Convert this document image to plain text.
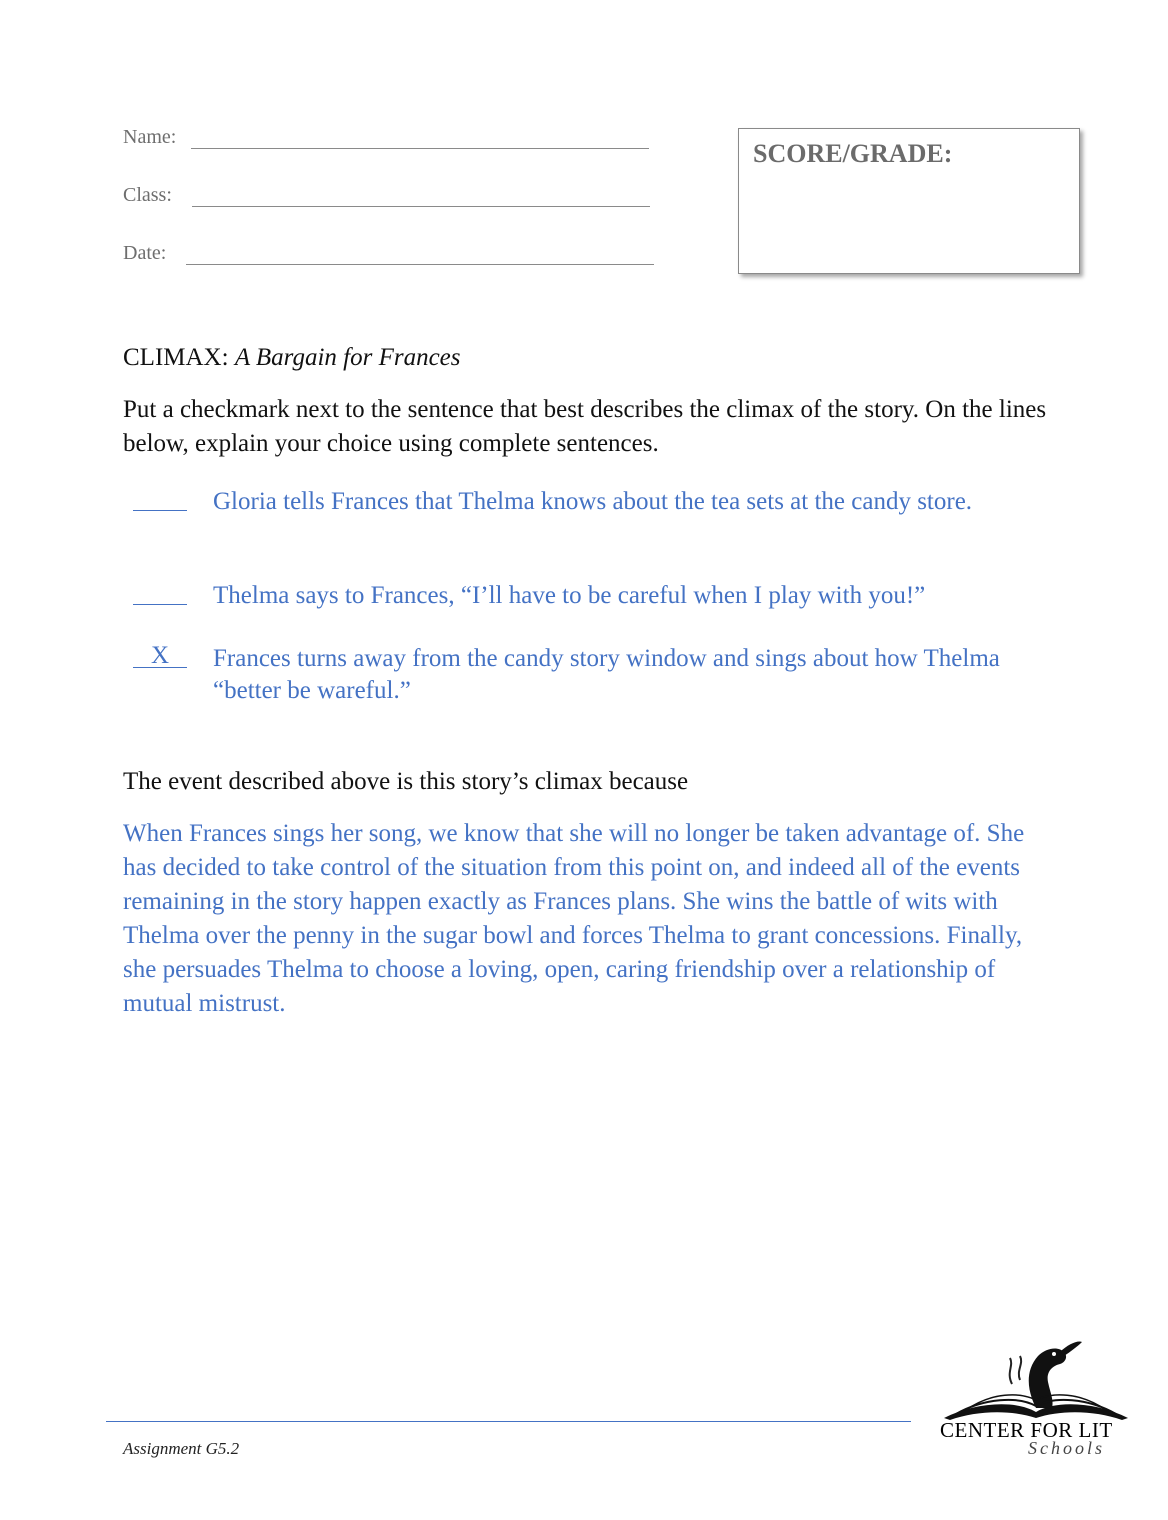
Name:
Class:
Date:
SCORE/GRADE:
CLIMAX: A Bargain for Frances
Put a checkmark next to the sentence that best describes the climax of the story. On the lines below, explain your choice using complete sentences.
Gloria tells Frances that Thelma knows about the tea sets at the candy store.
Thelma says to Frances, “I’ll have to be careful when I play with you!”
X	Frances turns away from the candy story window and sings about how Thelma “better be wareful.”
The event described above is this story’s climax because
When Frances sings her song, we know that she will no longer be taken advantage of. She has decided to take control of the situation from this point on, and indeed all of the events remaining in the story happen exactly as Frances plans. She wins the battle of wits with Thelma over the penny in the sugar bowl and forces Thelma to grant concessions. Finally, she persuades Thelma to choose a loving, open, caring friendship over a relationship of mutual mistrust.
Assignment G5.2
CENTER FOR LIT
Schools
